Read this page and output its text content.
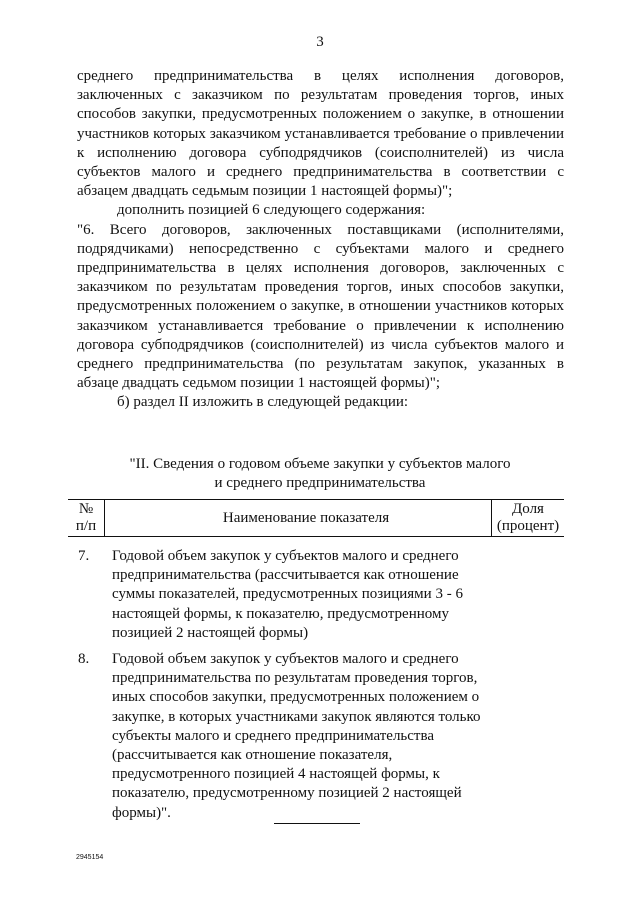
3

среднего предпринимательства в целях исполнения договоров, заключенных с заказчиком по результатам проведения торгов, иных способов закупки, предусмотренных положением о закупке, в отношении участников которых заказчиком устанавливается требование о привлечении к исполнению договора субподрядчиков (соисполнителей) из числа субъектов малого и среднего предпринимательства в соответствии с абзацем двадцать седьмым позиции 1 настоящей формы)";

дополнить позицией 6 следующего содержания:

"6. Всего договоров, заключенных поставщиками (исполнителями, подрядчиками) непосредственно с субъектами малого и среднего предпринимательства в целях исполнения договоров, заключенных с заказчиком по результатам проведения торгов, иных способов закупки, предусмотренных положением о закупке, в отношении участников которых заказчиком устанавливается требование о привлечении к исполнению договора субподрядчиков (соисполнителей) из числа субъектов малого и среднего предпринимательства (по результатам закупок, указанных в абзаце двадцать седьмом позиции 1 настоящей формы)";

б) раздел II изложить в следующей редакции:

"II. Сведения о годовом объеме закупки у субъектов малого
и среднего предпринимательства
№
п/п	Наименование показателя
Доля
(процент)
7. Годовой объем закупок у субъектов малого и среднего
предпринимательства (рассчитывается как отношение
суммы показателей, предусмотренных позициями 3 - 6
настоящей формы, к показателю, предусмотренному
позицией 2 настоящей формы)
8. Годовой объем закупок у субъектов малого и среднего
предпринимательства по результатам проведения торгов,
иных способов закупки, предусмотренных положением о
закупке, в которых участниками закупок являются только
субъекты малого и среднего предпринимательства
(рассчитывается как отношение показателя,
предусмотренного позицией 4 настоящей формы, к
показателю, предусмотренному позицией 2 настоящей
формы)".
2945154
